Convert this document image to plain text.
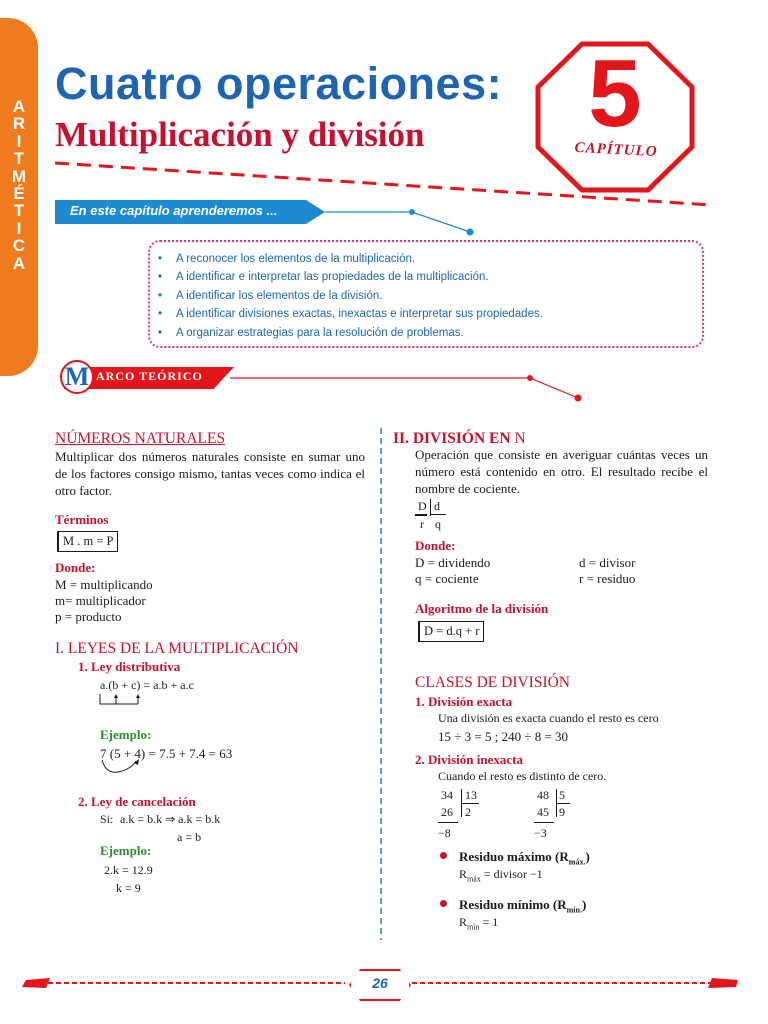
A
R
I
T
M
É
T
I
C
A
Cuatro operaciones:
Multiplicación y división	5
CAPÍTULO
En este capítulo aprenderemos ...
• A reconocer los elementos de la multiplicación.
• A identificar e interpretar las propiedades de la multiplicación.
• A identificar los elementos de la división.
• A identificar divisiones exactas, inexactas e interpretar sus propiedades.
• A organizar estrategias para la resolución de problemas.
M ARCO TEÓRICO
NÚMEROS NATURALES
Multiplicar dos números naturales consiste en sumar uno de los factores consigo mismo, tantas veces como indica el otro factor.
Términos
M . m = P
Donde:
M = multiplicando
m= multiplicador
p = producto
I. LEYES DE LA MULTIPLICACIÓN
1. Ley distributiva
a.(b + c) = a.b + a.c
Ejemplo:
7 (5 + 4) = 7.5 + 7.4 = 63
2. Ley de cancelación
Si: a.k = b.k ⇒ a.k = b.k
a = b
Ejemplo:
2.k = 12.9
k = 9
II. DIVISIÓN EN N
Operación que consiste en averiguar cuántas veces un número está contenido en otro. El resultado recibe el nombre de cociente.
D d
r q
Donde:
D = dividendo	d = divisor
q = cociente	r = residuo
Algoritmo de la división
D = d.q + r
CLASES DE DIVISIÓN
1. División exacta
Una división es exacta cuando el resto es cero
15 ÷ 3 = 5 ; 240 ÷ 8 = 30
2. División inexacta
Cuando el resto es distinto de cero.
34 13
26 2
−8
48 5
45 9
−3
Residuo máximo $(R_{máx.})$
$R_{máx}$ = divisor −1
Residuo mínimo $(R_{mín.})$
$R_{mín} = 1$
26
